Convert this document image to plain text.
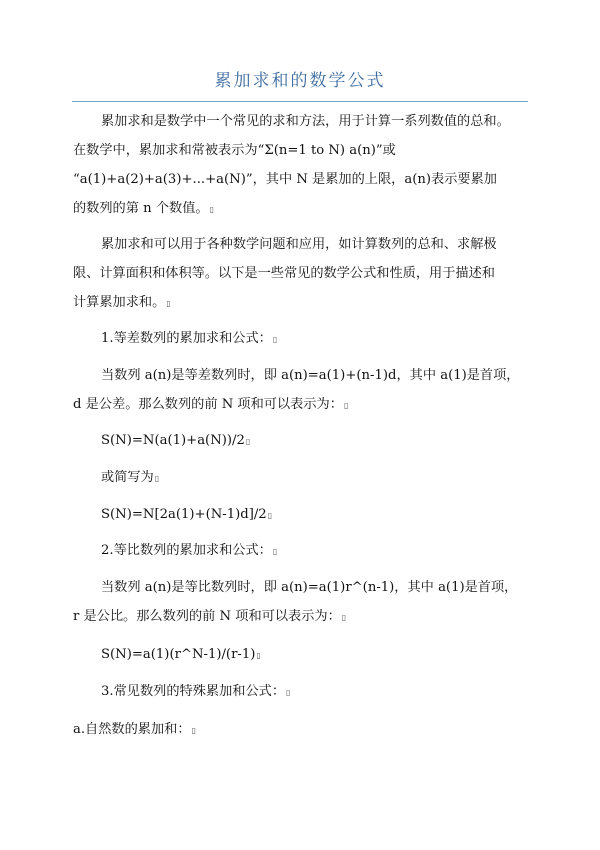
累加求和的数学公式
累加求和是数学中一个常见的求和方法，用于计算一系列数值的总和。
在数学中，累加求和常被表示为“Σ(n=1 to N) a(n)”或
“a(1)+a(2)+a(3)+...+a(N)”，其中 N 是累加的上限，a(n)表示要累加
的数列的第 n 个数值。▯
累加求和可以用于各种数学问题和应用，如计算数列的总和、求解极
限、计算面积和体积等。以下是一些常见的数学公式和性质，用于描述和
计算累加求和。▯
1.等差数列的累加求和公式：▯
当数列 a(n)是等差数列时，即 a(n)=a(1)+(n-1)d，其中 a(1)是首项，
d 是公差。那么数列的前 N 项和可以表示为：▯
S(N)=N(a(1)+a(N))/2▯
或简写为▯
S(N)=N[2a(1)+(N-1)d]/2▯
2.等比数列的累加求和公式：▯
当数列 a(n)是等比数列时，即 a(n)=a(1)r^(n-1)，其中 a(1)是首项，
r 是公比。那么数列的前 N 项和可以表示为：▯
S(N)=a(1)(r^N-1)/(r-1)▯
3.常见数列的特殊累加和公式：▯
a.自然数的累加和：▯
